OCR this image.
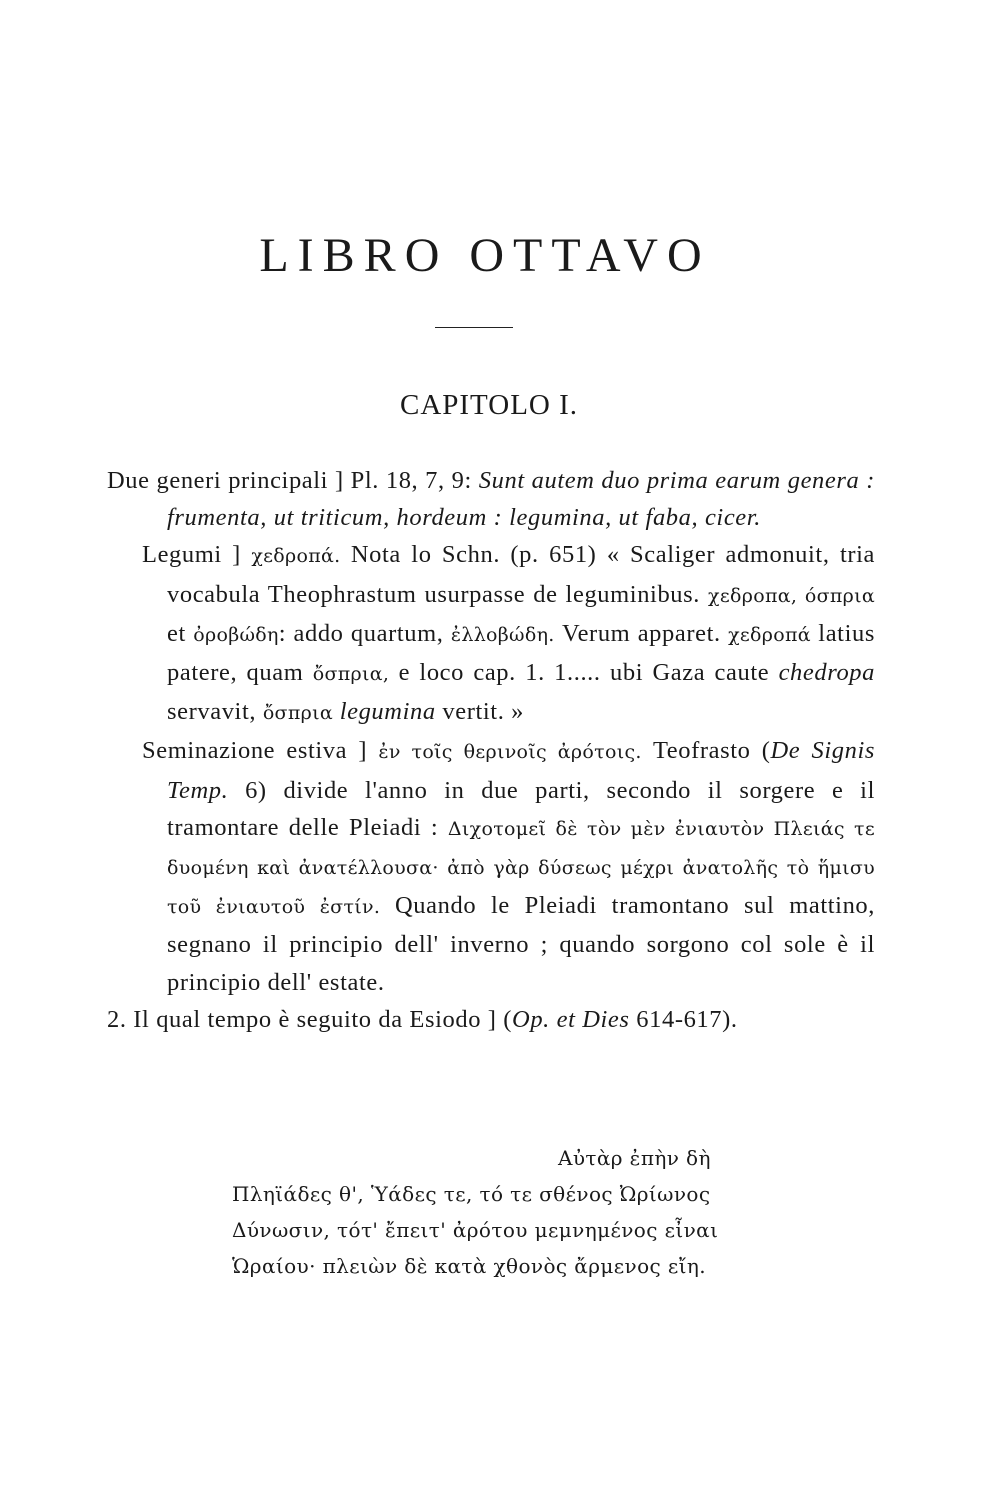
LIBRO OTTAVO
CAPITOLO I.

Due generi principali ] Pl. 18, 7, 9: Sunt autem duo prima earum genera : frumenta, ut triticum, hordeum : legumina, ut faba, cicer.

Legumi ] χεδροπά. Nota lo Schn. (p. 651) « Scaliger admonuit, tria vocabula Theophrastum usurpasse de leguminibus. χεδροπα, όσπρια et ὀροβώδη: addo quartum, ἐλλοβώδη. Verum apparet. χεδροπά latius patere, quam ὄσπρια, e loco cap. 1. 1..... ubi Gaza caute chedropa servavit, ὄσπρια legumina vertit. »

Seminazione estiva ] ἐν τοῖς θερινοῖς ἀρότοις. Teofrasto (De Signis Temp. 6) divide l'anno in due parti, secondo il sorgere e il tramontare delle Pleiadi : Διχοτομεῖ δὲ τὸν μὲν ἐνιαυτὸν Πλειάς τε δυομένη καὶ ἀνατέλλουσα· ἀπὸ γὰρ δύσεως μέχρι ἀνατολῆς τὸ ἥμισυ τοῦ ἐνιαυτοῦ ἐστίν. Quando le Pleiadi tramontano sul mattino, segnano il principio dell' inverno ; quando sorgono col sole è il principio dell' estate.

2. Il qual tempo è seguito da Esiodo ] (Op. et Dies 614-617).

Αὐτὰρ ἐπὴν δὴ
Πληϊάδες θ', Ὑάδες τε, τό τε σθένος Ὠρίωνος
Δύνωσιν, τότ' ἔπειτ' ἀρότου μεμνημένος εἶναι
Ὡραίου· πλειὼν δὲ κατὰ χθονὸς ἄρμενος εἴη.
